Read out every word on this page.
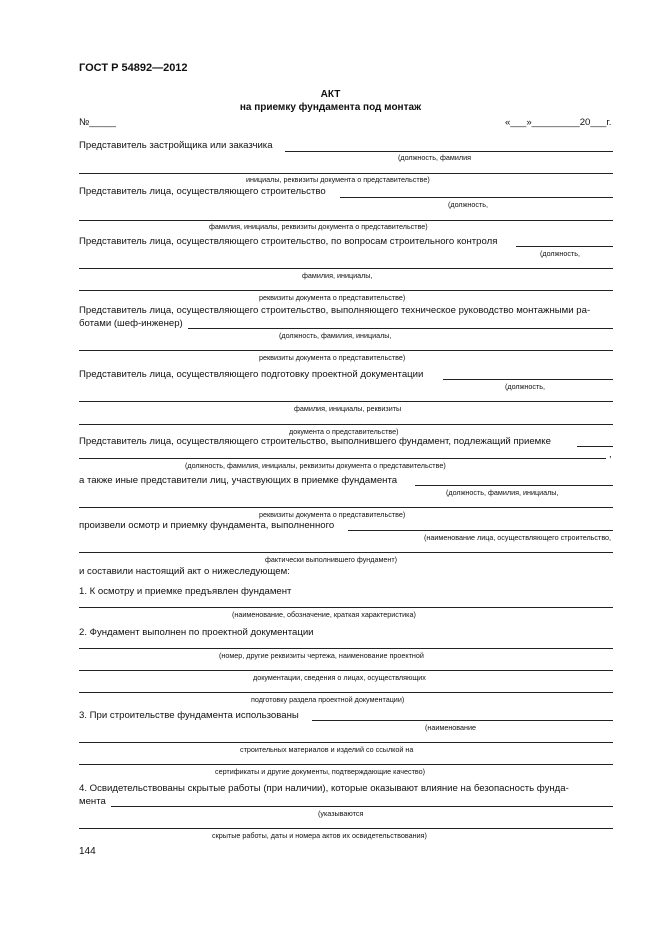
ГОСТ Р 54892—2012
АКТ
на приемку фундамента под монтаж
№_____	«___»_________20___г.
Представитель застройщика или заказчика
(должность, фамилия
инициалы, реквизиты документа о представительстве)
Представитель лица, осуществляющего строительство
(должность,
фамилия, инициалы, реквизиты документа о представительстве)
Представитель лица, осуществляющего строительство, по вопросам строительного контроля
(должность,
фамилия, инициалы,
реквизиты документа о представительстве)
Представитель лица, осуществляющего строительство, выполняющего техническое руководство монтажными ра-
ботами (шеф-инженер)
(должность, фамилия, инициалы,
реквизиты документа о представительстве)
Представитель лица, осуществляющего подготовку проектной документации
(должность,
фамилия, инициалы, реквизиты
документа о представительстве)
Представитель лица, осуществляющего строительство, выполнившего фундамент, подлежащий приемке
,
(должность, фамилия, инициалы, реквизиты документа о представительстве)
а также иные представители лиц, участвующих в приемке фундамента
(должность, фамилия, инициалы,
реквизиты документа о представительстве)
произвели осмотр и приемку фундамента, выполненного
(наименование лица, осуществляющего строительство,
фактически выполнившего фундамент)
и составили настоящий акт о нижеследующем:
1. К осмотру и приемке предъявлен фундамент
(наименование, обозначение, краткая характеристика)
2. Фундамент выполнен по проектной документации
(номер, другие реквизиты чертежа, наименование проектной
документации, сведения о лицах, осуществляющих
подготовку раздела проектной документации)
3. При строительстве фундамента использованы
(наименование
строительных материалов и изделий со ссылкой на
сертификаты и другие документы, подтверждающие качество)
4. Освидетельствованы скрытые работы (при наличии), которые оказывают влияние на безопасность фунда-
мента
(указываются
скрытые работы, даты и номера актов их освидетельствования)
144
